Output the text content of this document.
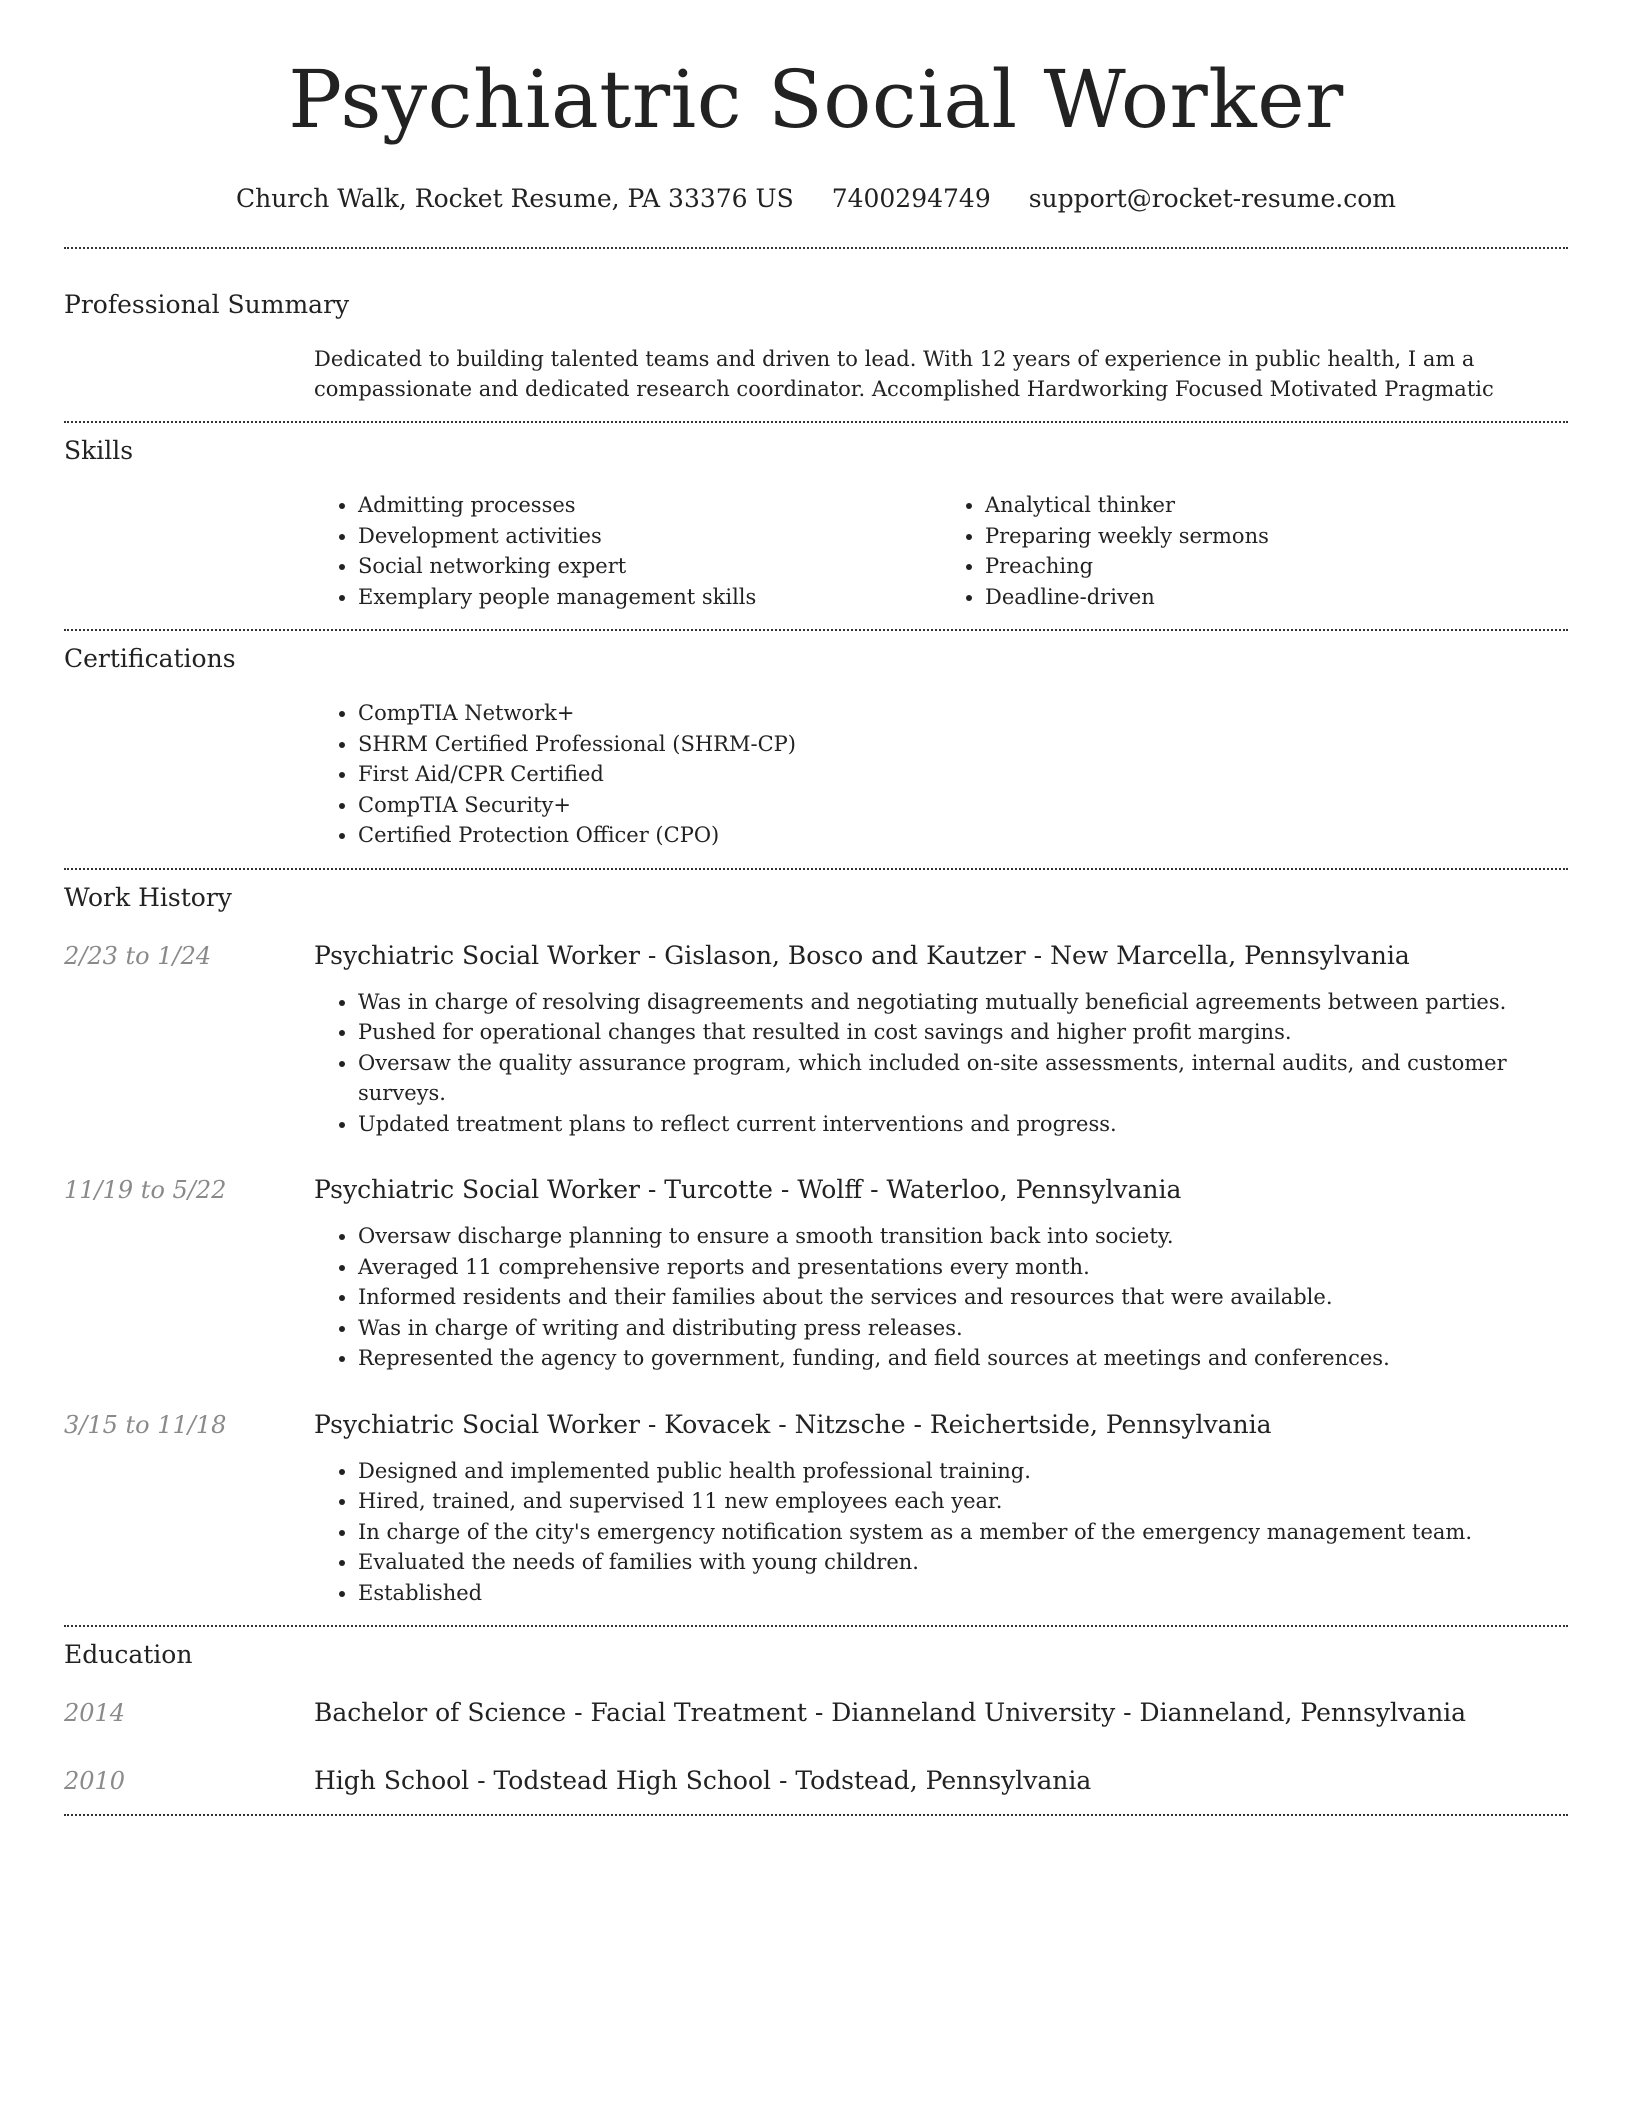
Psychiatric Social Worker
Church Walk, Rocket Resume, PA 33376 US 7400294749 support@rocket-resume.com
Professional Summary
Dedicated to building talented teams and driven to lead. With 12 years of experience in public health, I am a compassionate and dedicated research coordinator. Accomplished Hardworking Focused Motivated Pragmatic
Skills
• Admitting processes
• Development activities
• Social networking expert
• Exemplary people management skills
• Analytical thinker
• Preparing weekly sermons
• Preaching
• Deadline-driven
Certifications
• CompTIA Network+
• SHRM Certified Professional (SHRM-CP)
• First Aid/CPR Certified
• CompTIA Security+
• Certified Protection Officer (CPO)
Work History
2/23 to 1/24	Psychiatric Social Worker - Gislason, Bosco and Kautzer - New Marcella, Pennsylvania
• Was in charge of resolving disagreements and negotiating mutually beneficial agreements between parties.
• Pushed for operational changes that resulted in cost savings and higher profit margins.
• Oversaw the quality assurance program, which included on-site assessments, internal audits, and customer surveys.
• Updated treatment plans to reflect current interventions and progress.
11/19 to 5/22	Psychiatric Social Worker - Turcotte - Wolff - Waterloo, Pennsylvania
• Oversaw discharge planning to ensure a smooth transition back into society.
• Averaged 11 comprehensive reports and presentations every month.
• Informed residents and their families about the services and resources that were available.
• Was in charge of writing and distributing press releases.
• Represented the agency to government, funding, and field sources at meetings and conferences.
3/15 to 11/18	Psychiatric Social Worker - Kovacek - Nitzsche - Reichertside, Pennsylvania
• Designed and implemented public health professional training.
• Hired, trained, and supervised 11 new employees each year.
• In charge of the city's emergency notification system as a member of the emergency management team.
• Evaluated the needs of families with young children.
• Established
Education
2014	Bachelor of Science - Facial Treatment - Dianneland University - Dianneland, Pennsylvania
2010	High School - Todstead High School - Todstead, Pennsylvania
